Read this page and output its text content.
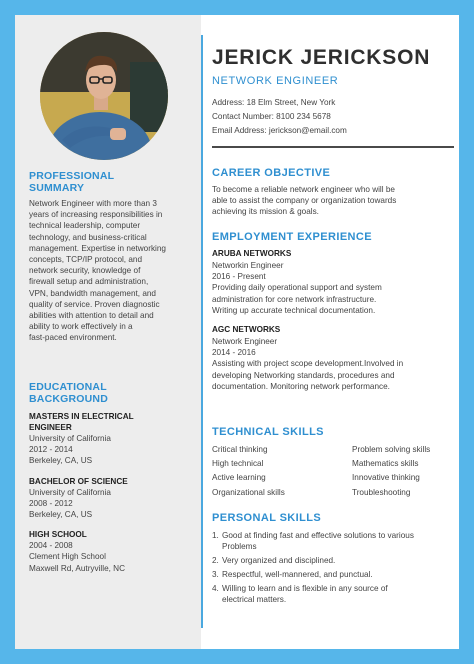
PROFESSIONAL

SUMMARY

Network Engineer with more than 3

years of increasing responsibilities in

technical leadership, computer

technology, and business-critical

management. Expertise in networking

concepts, TCP/IP protocol, and

network security, knowledge of

firewall setup and administration,

VPN, bandwidth management, and

quality of service. Proven diagnostic

abilities with attention to detail and

ability to work effectively in a

fast-paced environment.

EDUCATIONAL

BACKGROUND

MASTERS IN ELECTRICAL

ENGINEER

University of California

2012 - 2014

Berkeley, CA, US

BACHELOR OF SCIENCE

University of California

2008 - 2012

Berkeley, CA, US

HIGH SCHOOL

2004 - 2008

Clement High School

Maxwell Rd, Autryville, NC

JERICK JERICKSON

NETWORK ENGINEER

Address: 18 Elm Street, New York

Contact Number: 8100 234 5678

Email Address: jerickson@email.com

CAREER OBJECTIVE

To become a reliable network engineer who will be

able to assist the company or organization towards

achieving its mission & goals.

EMPLOYMENT EXPERIENCE

ARUBA NETWORKS

Networkin Engineer

2016 - Present

Providing daily operational support and system

administration for core network infrastructure.

Writing up accurate technical documentation.

AGC NETWORKS

Network Engineer

2014 - 2016

Assisting with project scope development.Involved in

developing Networking standards, procedures and

documentation. Monitoring network performance.

TECHNICAL SKILLS

Critical thinking	Problem solving skills
High technical	Mathematics skills
Active learning	Innovative thinking
Organizational skills	Troubleshooting

PERSONAL SKILLS

1. Good at finding fast and effective solutions to various
Problems
2. Very organized and disciplined.
3. Respectful, well-mannered, and punctual.
4. Willing to learn and is flexible in any source of
electrical matters.
